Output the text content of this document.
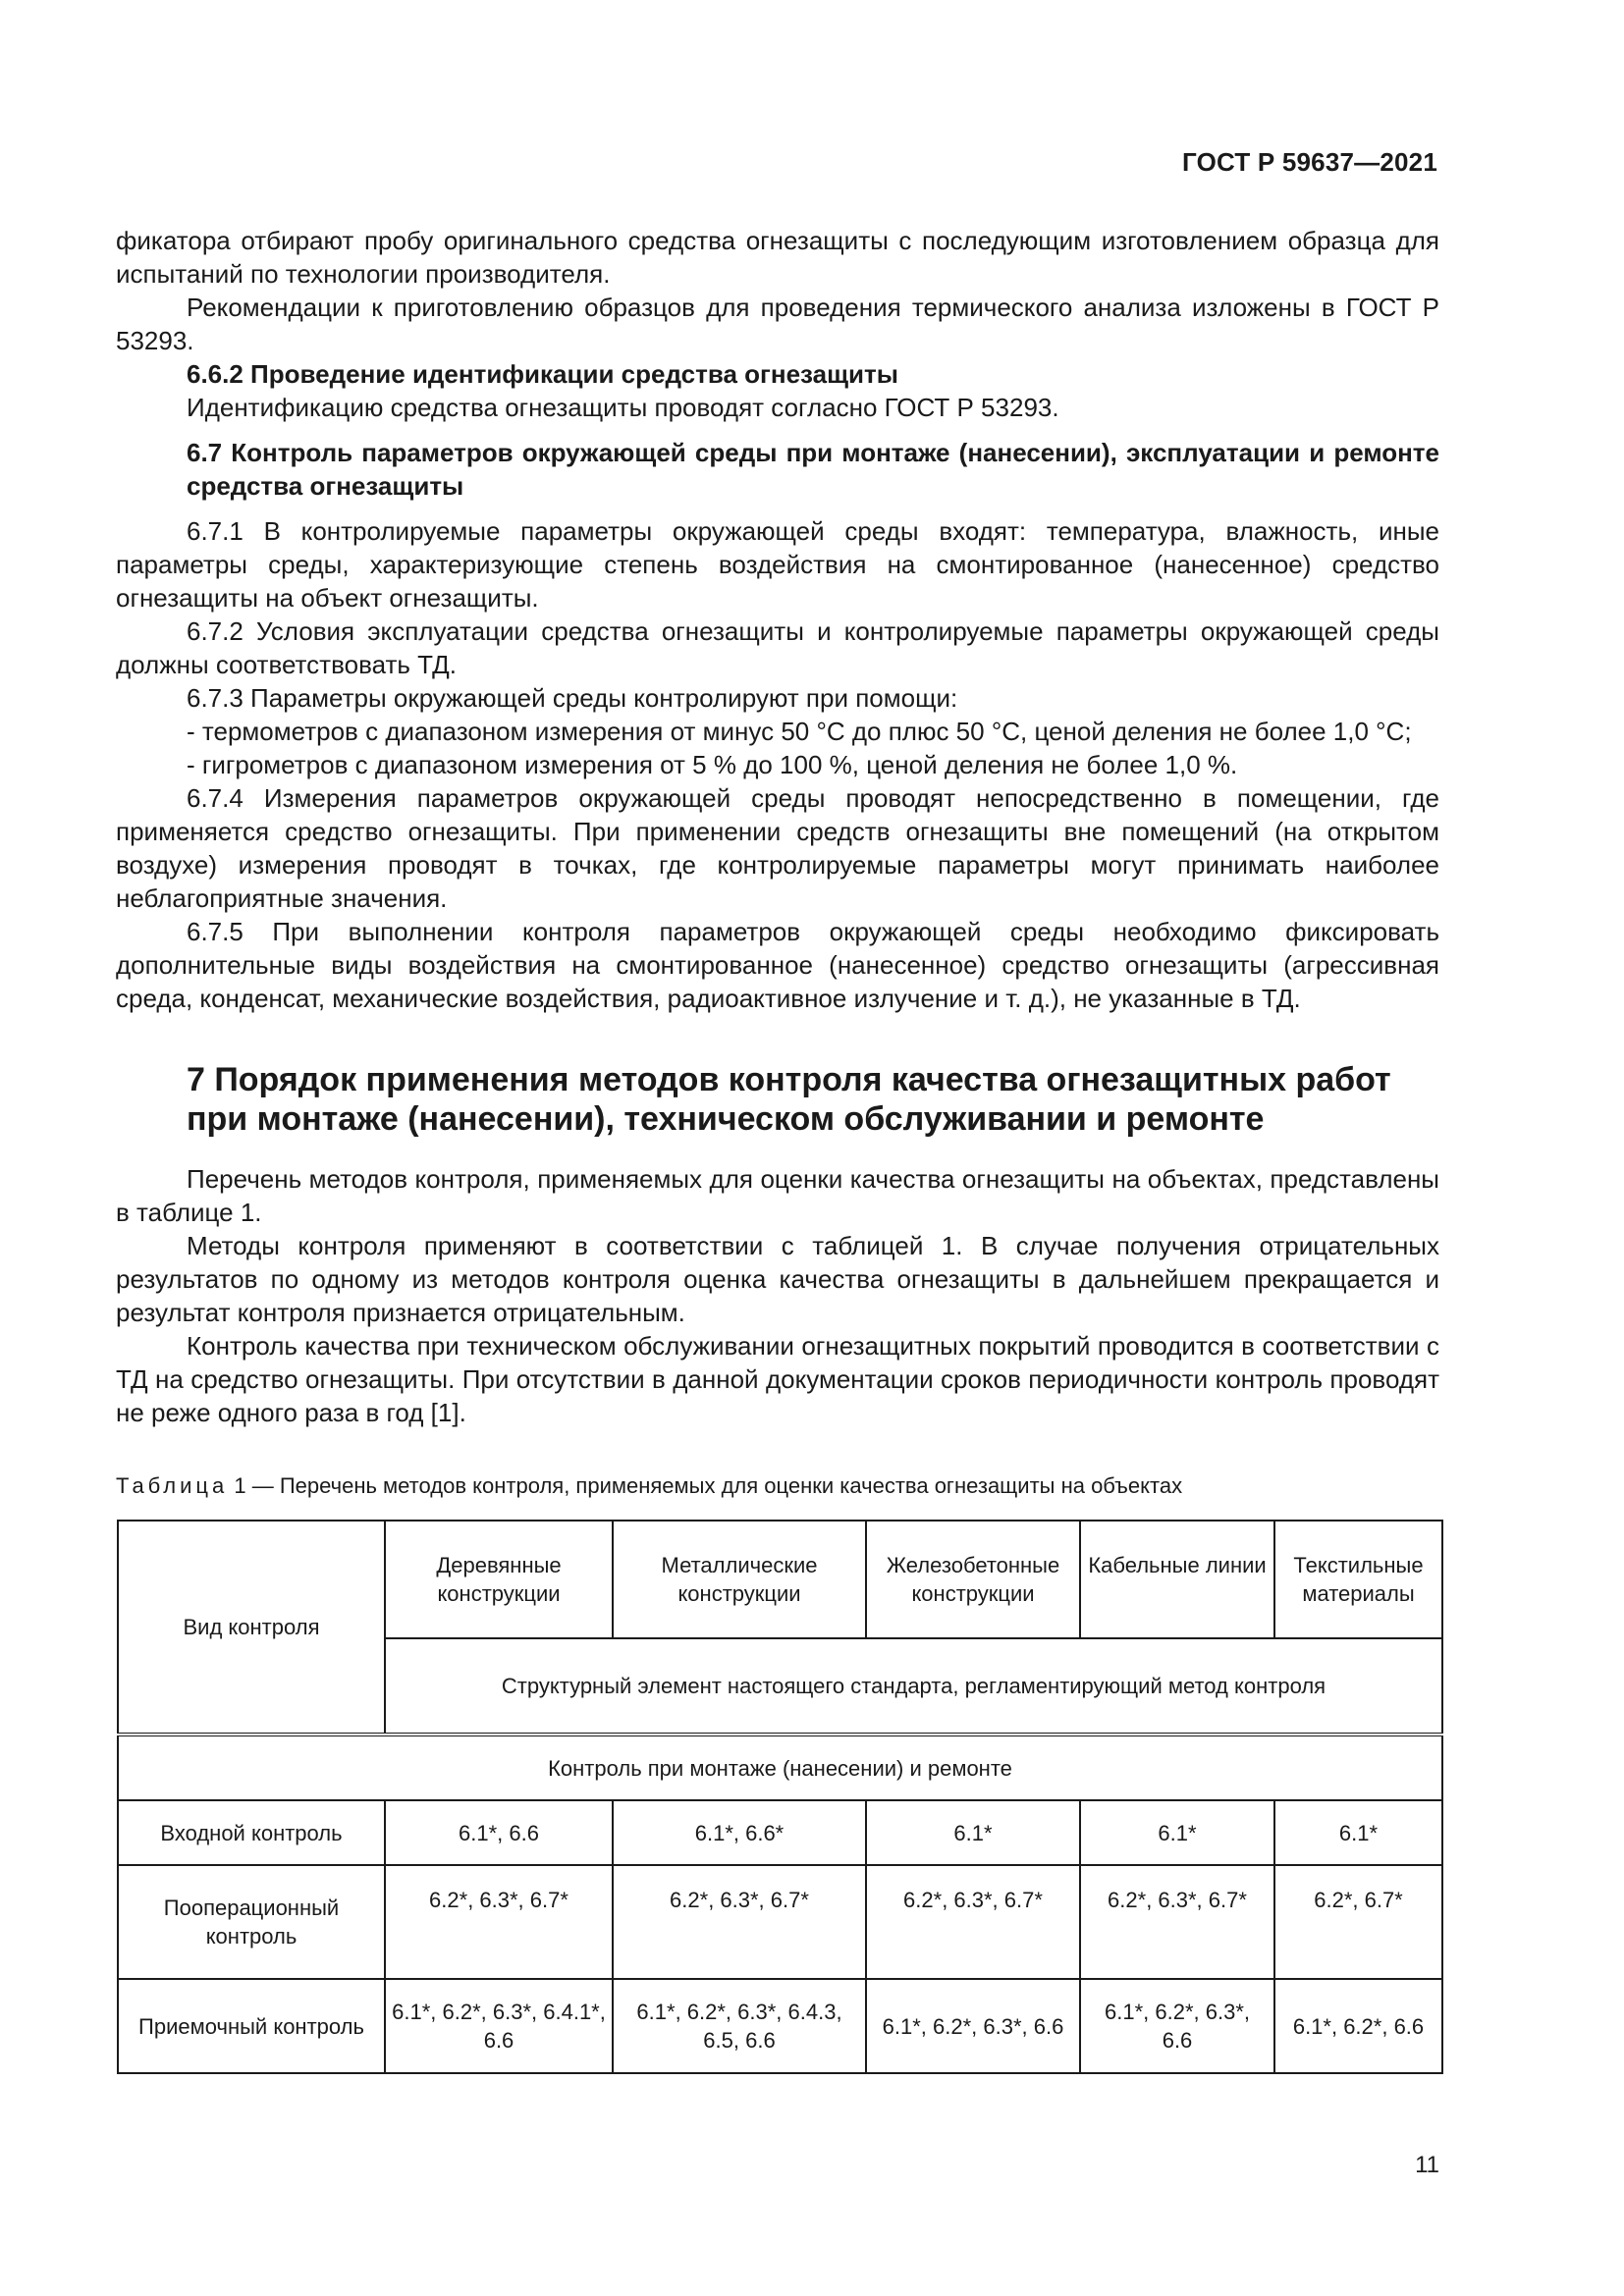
ГОСТ Р 59637—2021

фикатора отбирают пробу оригинального средства огнезащиты с последующим изготовлением образца для испытаний по технологии производителя.

Рекомендации к приготовлению образцов для проведения термического анализа изложены в ГОСТ Р 53293.

6.6.2 Проведение идентификации средства огнезащиты

Идентификацию средства огнезащиты проводят согласно ГОСТ Р 53293.

6.7 Контроль параметров окружающей среды при монтаже (нанесении), эксплуатации и ремонте средства огнезащиты

6.7.1 В контролируемые параметры окружающей среды входят: температура, влажность, иные параметры среды, характеризующие степень воздействия на смонтированное (нанесенное) средство огнезащиты на объект огнезащиты.

6.7.2 Условия эксплуатации средства огнезащиты и контролируемые параметры окружающей среды должны соответствовать ТД.

6.7.3 Параметры окружающей среды контролируют при помощи:

- термометров с диапазоном измерения от минус 50 °С до плюс 50 °С, ценой деления не более 1,0 °С;

- гигрометров с диапазоном измерения от 5 % до 100 %, ценой деления не более 1,0 %.

6.7.4 Измерения параметров окружающей среды проводят непосредственно в помещении, где применяется средство огнезащиты. При применении средств огнезащиты вне помещений (на открытом воздухе) измерения проводят в точках, где контролируемые параметры могут принимать наиболее неблагоприятные значения.

6.7.5 При выполнении контроля параметров окружающей среды необходимо фиксировать дополнительные виды воздействия на смонтированное (нанесенное) средство огнезащиты (агрессивная среда, конденсат, механические воздействия, радиоактивное излучение и т. д.), не указанные в ТД.

7 Порядок применения методов контроля качества огнезащитных работ при монтаже (нанесении), техническом обслуживании и ремонте

Перечень методов контроля, применяемых для оценки качества огнезащиты на объектах, представлены в таблице 1.

Методы контроля применяют в соответствии с таблицей 1. В случае получения отрицательных результатов по одному из методов контроля оценка качества огнезащиты в дальнейшем прекращается и результат контроля признается отрицательным.

Контроль качества при техническом обслуживании огнезащитных покрытий проводится в соответствии с ТД на средство огнезащиты. При отсутствии в данной документации сроков периодичности контроль проводят не реже одного раза в год [1].

Таблица 1 — Перечень методов контроля, применяемых для оценки качества огнезащиты на объектах
Вид контроля	Деревянные конструкции	Металлические конструкции	Железобетонные конструкции	Кабельные линии	Текстильные материалы
	Структурный элемент настоящего стандарта, регламентирующий метод контроля				
Контроль при монтаже (нанесении) и ремонте					
Входной контроль	6.1*, 6.6	6.1*, 6.6*	6.1*	6.1*	6.1*
Пооперационный контроль	6.2*, 6.3*, 6.7*	6.2*, 6.3*, 6.7*	6.2*, 6.3*, 6.7*	6.2*, 6.3*, 6.7*	6.2*, 6.7*
Приемочный контроль	6.1*, 6.2*, 6.3*, 6.4.1*, 6.6	6.1*, 6.2*, 6.3*, 6.4.3, 6.5, 6.6	6.1*, 6.2*, 6.3*, 6.6	6.1*, 6.2*, 6.3*, 6.6	6.1*, 6.2*, 6.6
11
